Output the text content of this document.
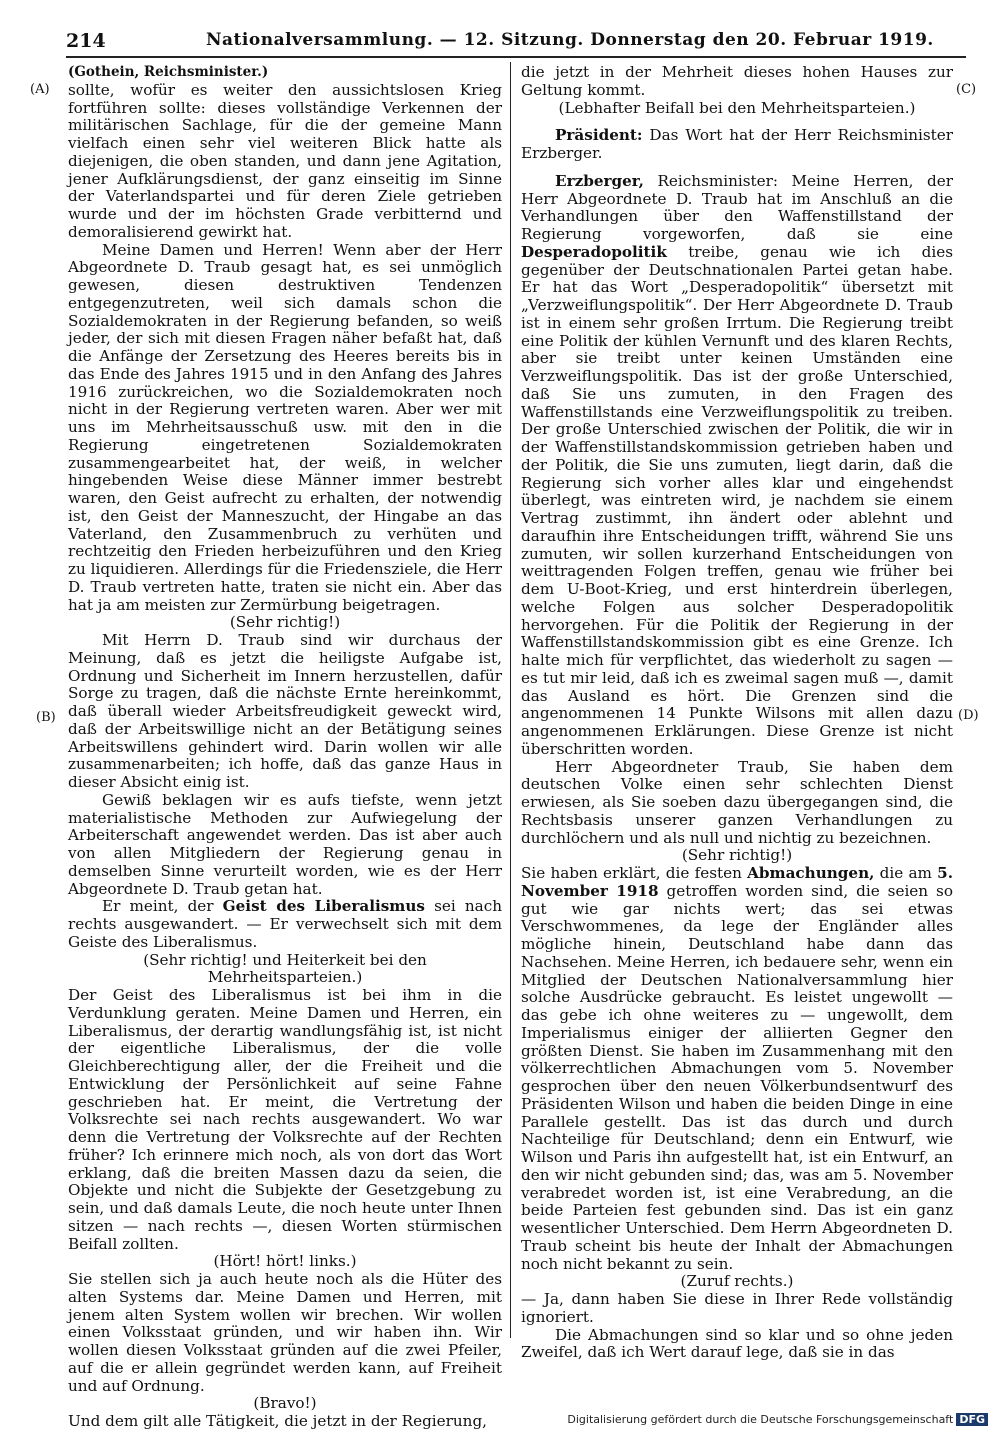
214	Nationalversammlung. — 12. Sitzung. Donnerstag den 20. Februar 1919.
(A)
(B)
(C)
(D)

(Gothein, Reichsminister.)

sollte, wofür es weiter den aussichtslosen Krieg fortführen sollte: dieses vollständige Verkennen der militärischen Sachlage, für die der gemeine Mann vielfach einen sehr viel weiteren Blick hatte als diejenigen, die oben standen, und dann jene Agitation, jener Aufklärungsdienst, der ganz einseitig im Sinne der Vaterlandspartei und für deren Ziele getrieben wurde und der im höchsten Grade verbitternd und demoralisierend gewirkt hat.

Meine Damen und Herren! Wenn aber der Herr Abgeordnete D. Traub gesagt hat, es sei unmöglich gewesen, diesen destruktiven Tendenzen entgegenzutreten, weil sich damals schon die Sozialdemokraten in der Regierung befanden, so weiß jeder, der sich mit diesen Fragen näher befaßt hat, daß die Anfänge der Zersetzung des Heeres bereits bis in das Ende des Jahres 1915 und in den Anfang des Jahres 1916 zurückreichen, wo die Sozialdemokraten noch nicht in der Regierung vertreten waren. Aber wer mit uns im Mehrheitsausschuß usw. mit den in die Regierung eingetretenen Sozialdemokraten zusammengearbeitet hat, der weiß, in welcher hingebenden Weise diese Männer immer bestrebt waren, den Geist aufrecht zu erhalten, der notwendig ist, den Geist der Manneszucht, der Hingabe an das Vaterland, den Zusammenbruch zu verhüten und rechtzeitig den Frieden herbeizuführen und den Krieg zu liquidieren. Allerdings für die Friedensziele, die Herr D. Traub vertreten hatte, traten sie nicht ein. Aber das hat ja am meisten zur Zermürbung beigetragen.

(Sehr richtig!)

Mit Herrn D. Traub sind wir durchaus der Meinung, daß es jetzt die heiligste Aufgabe ist, Ordnung und Sicherheit im Innern herzustellen, dafür Sorge zu tragen, daß die nächste Ernte hereinkommt, daß überall wieder Arbeitsfreudigkeit geweckt wird, daß der Arbeitswillige nicht an der Betätigung seines Arbeitswillens gehindert wird. Darin wollen wir alle zusammenarbeiten; ich hoffe, daß das ganze Haus in dieser Absicht einig ist.

Gewiß beklagen wir es aufs tiefste, wenn jetzt materialistische Methoden zur Aufwiegelung der Arbeiterschaft angewendet werden. Das ist aber auch von allen Mitgliedern der Regierung genau in demselben Sinne verurteilt worden, wie es der Herr Abgeordnete D. Traub getan hat.

Er meint, der Geist des Liberalismus sei nach rechts ausgewandert. — Er verwechselt sich mit dem Geiste des Liberalismus.

(Sehr richtig! und Heiterkeit bei den Mehrheitsparteien.)

Der Geist des Liberalismus ist bei ihm in die Verdunklung geraten. Meine Damen und Herren, ein Liberalismus, der derartig wandlungsfähig ist, ist nicht der eigentliche Liberalismus, der die volle Gleichberechtigung aller, der die Freiheit und die Entwicklung der Persönlichkeit auf seine Fahne geschrieben hat. Er meint, die Vertretung der Volksrechte sei nach rechts ausgewandert. Wo war denn die Vertretung der Volksrechte auf der Rechten früher? Ich erinnere mich noch, als von dort das Wort erklang, daß die breiten Massen dazu da seien, die Objekte und nicht die Subjekte der Gesetzgebung zu sein, und daß damals Leute, die noch heute unter Ihnen sitzen — nach rechts —, diesen Worten stürmischen Beifall zollten.

(Hört! hört! links.)

Sie stellen sich ja auch heute noch als die Hüter des alten Systems dar. Meine Damen und Herren, mit jenem alten System wollen wir brechen. Wir wollen einen Volksstaat gründen, und wir haben ihn. Wir wollen diesen Volksstaat gründen auf die zwei Pfeiler, auf die er allein gegründet werden kann, auf Freiheit und auf Ordnung.

(Bravo!)

Und dem gilt alle Tätigkeit, die jetzt in der Regierung,

die jetzt in der Mehrheit dieses hohen Hauses zur Geltung kommt.

(Lebhafter Beifall bei den Mehrheitsparteien.)

Präsident: Das Wort hat der Herr Reichsminister Erzberger.

Erzberger, Reichsminister: Meine Herren, der Herr Abgeordnete D. Traub hat im Anschluß an die Verhandlungen über den Waffenstillstand der Regierung vorgeworfen, daß sie eine Desperadopolitik treibe, genau wie ich dies gegenüber der Deutschnationalen Partei getan habe. Er hat das Wort „Desperadopolitik“ übersetzt mit „Verzweiflungspolitik“. Der Herr Abgeordnete D. Traub ist in einem sehr großen Irrtum. Die Regierung treibt eine Politik der kühlen Vernunft und des klaren Rechts, aber sie treibt unter keinen Umständen eine Verzweiflungspolitik. Das ist der große Unterschied, daß Sie uns zumuten, in den Fragen des Waffenstillstands eine Verzweiflungspolitik zu treiben. Der große Unterschied zwischen der Politik, die wir in der Waffenstillstandskommission getrieben haben und der Politik, die Sie uns zumuten, liegt darin, daß die Regierung sich vorher alles klar und eingehendst überlegt, was eintreten wird, je nachdem sie einem Vertrag zustimmt, ihn ändert oder ablehnt und daraufhin ihre Entscheidungen trifft, während Sie uns zumuten, wir sollen kurzerhand Entscheidungen von weittragenden Folgen treffen, genau wie früher bei dem U-Boot-Krieg, und erst hinterdrein überlegen, welche Folgen aus solcher Desperadopolitik hervorgehen. Für die Politik der Regierung in der Waffenstillstandskommission gibt es eine Grenze. Ich halte mich für verpflichtet, das wiederholt zu sagen — es tut mir leid, daß ich es zweimal sagen muß —, damit das Ausland es hört. Die Grenzen sind die angenommenen 14 Punkte Wilsons mit allen dazu angenommenen Erklärungen. Diese Grenze ist nicht überschritten worden.

Herr Abgeordneter Traub, Sie haben dem deutschen Volke einen sehr schlechten Dienst erwiesen, als Sie soeben dazu übergegangen sind, die Rechtsbasis unserer ganzen Verhandlungen zu durchlöchern und als null und nichtig zu bezeichnen.

(Sehr richtig!)

Sie haben erklärt, die festen Abmachungen, die am 5. November 1918 getroffen worden sind, die seien so gut wie gar nichts wert; das sei etwas Verschwommenes, da lege der Engländer alles mögliche hinein, Deutschland habe dann das Nachsehen. Meine Herren, ich bedauere sehr, wenn ein Mitglied der Deutschen Nationalversammlung hier solche Ausdrücke gebraucht. Es leistet ungewollt — das gebe ich ohne weiteres zu — ungewollt, dem Imperialismus einiger der alliierten Gegner den größten Dienst. Sie haben im Zusammenhang mit den völkerrechtlichen Abmachungen vom 5. November gesprochen über den neuen Völkerbundsentwurf des Präsidenten Wilson und haben die beiden Dinge in eine Parallele gestellt. Das ist das durch und durch Nachteilige für Deutschland; denn ein Entwurf, wie Wilson und Paris ihn aufgestellt hat, ist ein Entwurf, an den wir nicht gebunden sind; das, was am 5. November verabredet worden ist, ist eine Verabredung, an die beide Parteien fest gebunden sind. Das ist ein ganz wesentlicher Unterschied. Dem Herrn Abgeordneten D. Traub scheint bis heute der Inhalt der Abmachungen noch nicht bekannt zu sein.

(Zuruf rechts.)

— Ja, dann haben Sie diese in Ihrer Rede vollständig ignoriert.

Die Abmachungen sind so klar und so ohne jeden Zweifel, daß ich Wert darauf lege, daß sie in das

Digitalisierung gefördert durch die Deutsche Forschungsgemeinschaft DFG
